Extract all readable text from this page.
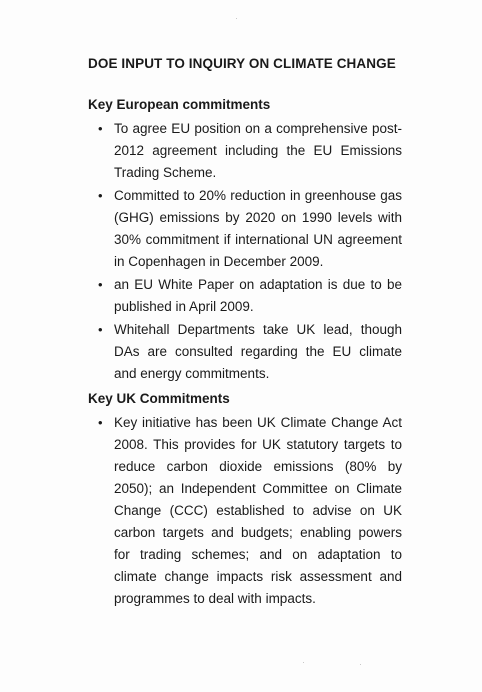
DOE INPUT TO INQUIRY ON CLIMATE CHANGE
Key European commitments
• To agree EU position on a comprehensive post-2012 agreement including the EU Emissions Trading Scheme.
• Committed to 20% reduction in greenhouse gas (GHG) emissions by 2020 on 1990 levels with 30% commitment if international UN agreement in Copenhagen in December 2009.
• an EU White Paper on adaptation is due to be published in April 2009.
• Whitehall Departments take UK lead, though DAs are consulted regarding the EU climate and energy commitments.
Key UK Commitments
• Key initiative has been UK Climate Change Act 2008. This provides for UK statutory targets to reduce carbon dioxide emissions (80% by 2050); an Independent Committee on Climate Change (CCC) established to advise on UK carbon targets and budgets; enabling powers for trading schemes; and on adaptation to climate change impacts risk assessment and programmes to deal with impacts.
